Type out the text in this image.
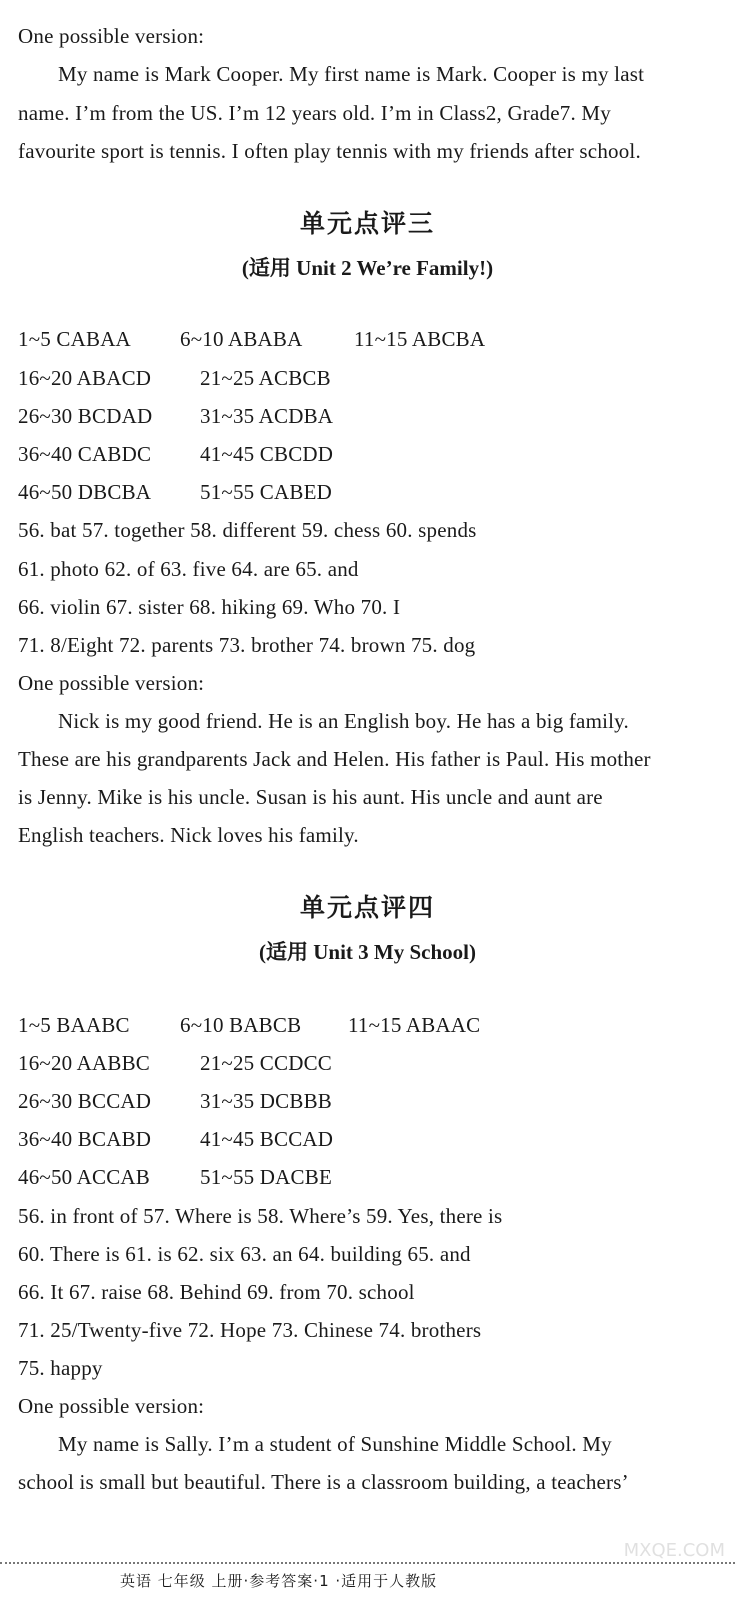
One possible version:
My name is Mark Cooper. My first name is Mark. Cooper is my last
name. I’m from the US. I’m 12 years old. I’m in Class2, Grade7. My
favourite sport is tennis. I often play tennis with my friends after school.
单元点评三
(适用 Unit 2 We’re Family!)
1~5 CABAA 6~10 ABABA 11~15 ABCBA
16~20 ABACD 21~25 ACBCB
26~30 BCDAD 31~35 ACDBA
36~40 CABDC 41~45 CBCDD
46~50 DBCBA 51~55 CABED
56. bat 57. together 58. different 59. chess 60. spends
61. photo 62. of 63. five 64. are 65. and
66. violin 67. sister 68. hiking 69. Who 70. I
71. 8/Eight 72. parents 73. brother 74. brown 75. dog
One possible version:
Nick is my good friend. He is an English boy. He has a big family.
These are his grandparents Jack and Helen. His father is Paul. His mother
is Jenny. Mike is his uncle. Susan is his aunt. His uncle and aunt are
English teachers. Nick loves his family.
单元点评四
(适用 Unit 3 My School)
1~5 BAABC 6~10 BABCB 11~15 ABAAC
16~20 AABBC 21~25 CCDCC
26~30 BCCAD 31~35 DCBBB
36~40 BCABD 41~45 BCCAD
46~50 ACCAB 51~55 DACBE
56. in front of 57. Where is 58. Where’s 59. Yes, there is
60. There is 61. is 62. six 63. an 64. building 65. and
66. It 67. raise 68. Behind 69. from 70. school
71. 25/Twenty-five 72. Hope 73. Chinese 74. brothers
75. happy
One possible version:
My name is Sally. I’m a student of Sunshine Middle School. My
school is small but beautiful. There is a classroom building, a teachers’
英语 七年级 上册·参考答案·1 ·适用于人教版
MXQE.COM
